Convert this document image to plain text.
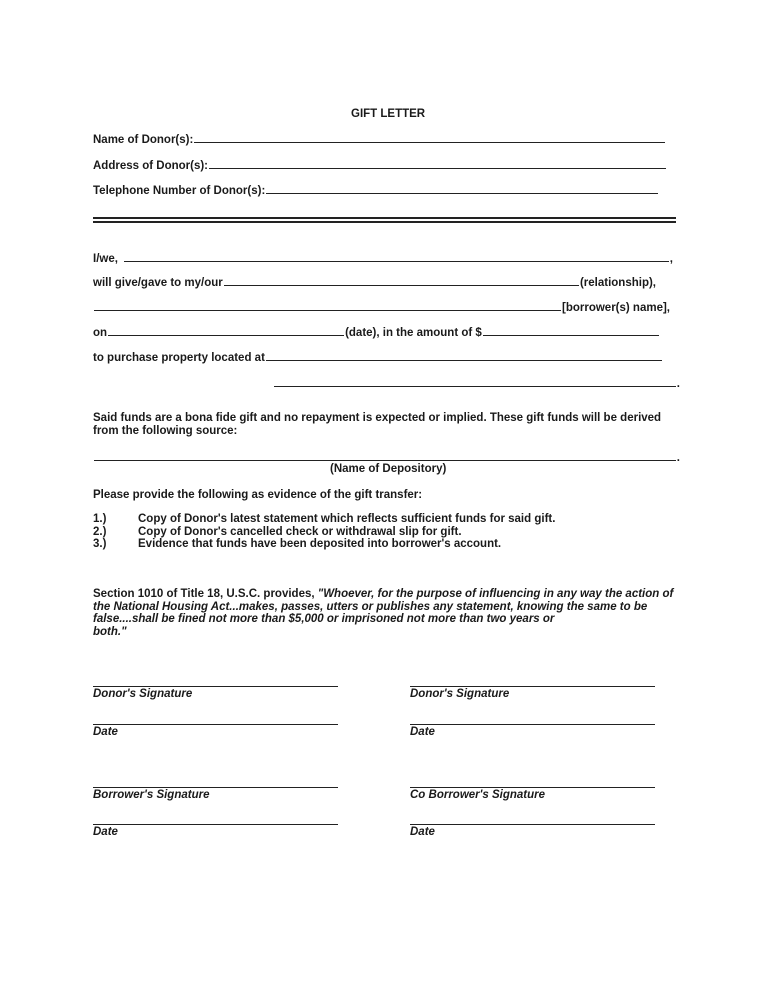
GIFT LETTER
Name of Donor(s):
Address of Donor(s):
Telephone Number of Donor(s):
I/we,	,
will give/gave to my/our	(relationship),
[borrower(s) name],
on	(date), in the amount of $
to purchase property located at
.
Said funds are a bona fide gift and no repayment is expected or implied. These gift funds will be derived from the following source:
.
(Name of Depository)
Please provide the following as evidence of the gift transfer:
1.)	Copy of Donor's latest statement which reflects sufficient funds for said gift.
2.)	Copy of Donor's cancelled check or withdrawal slip for gift.
3.)	Evidence that funds have been deposited into borrower's account.
Section 1010 of Title 18, U.S.C. provides, "Whoever, for the purpose of influencing in any way the action of
the National Housing Act...makes, passes, utters or publishes any statement, knowing the same to be
false....shall be fined not more than $5,000 or imprisoned not more than two years or
both."
Donor's Signature	Donor's Signature
Date	Date
Borrower's Signature	Co Borrower's Signature
Date	Date
